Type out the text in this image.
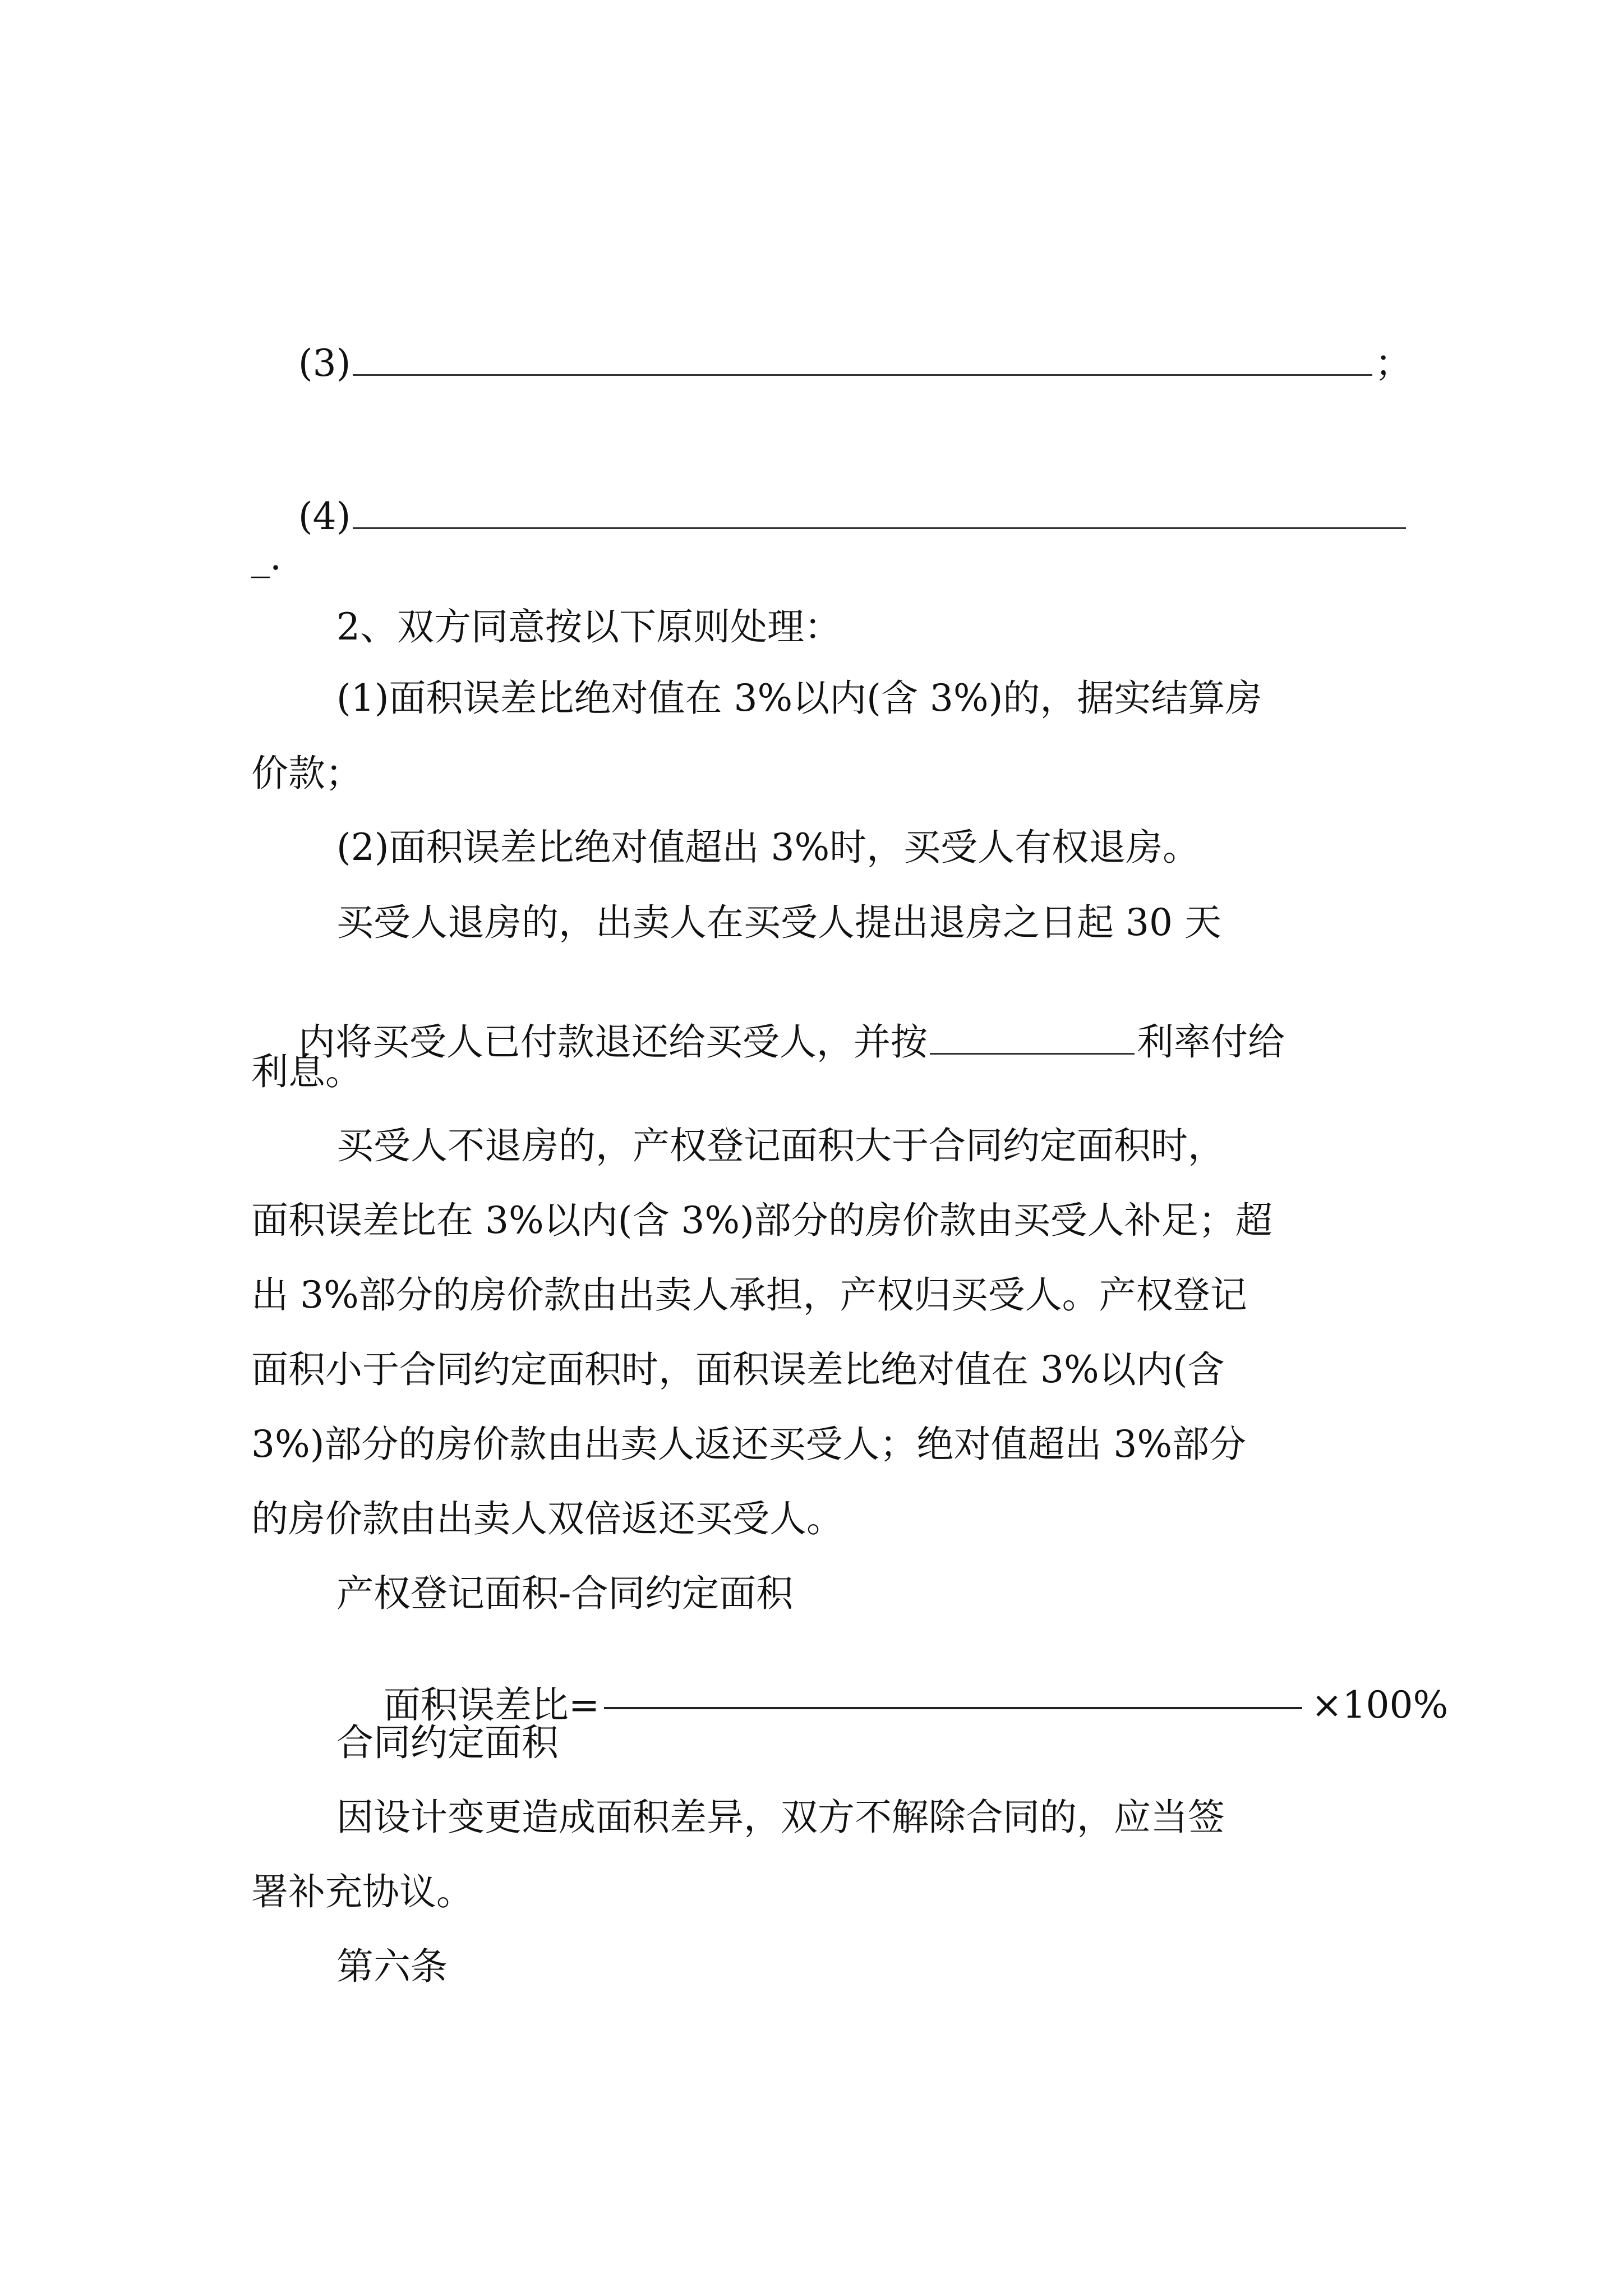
(3)	；

(4)

_.
2、双方同意按以下原则处理：
(1)面积误差比绝对值在 3%以内(含 3%)的，据实结算房
价款；
(2)面积误差比绝对值超出 3%时，买受人有权退房。
买受人退房的，出卖人在买受人提出退房之日起 30 天

内将买受人已付款退还给买受人，并按	利率付给

利息。
买受人不退房的，产权登记面积大于合同约定面积时，
面积误差比在 3%以内(含 3%)部分的房价款由买受人补足；超
出 3%部分的房价款由出卖人承担，产权归买受人。产权登记
面积小于合同约定面积时，面积误差比绝对值在 3%以内(含
3%)部分的房价款由出卖人返还买受人；绝对值超出 3%部分
的房价款由出卖人双倍返还买受人。
产权登记面积-合同约定面积

面积误差比=	×100%

合同约定面积
因设计变更造成面积差异，双方不解除合同的，应当签
署补充协议。
第六条
